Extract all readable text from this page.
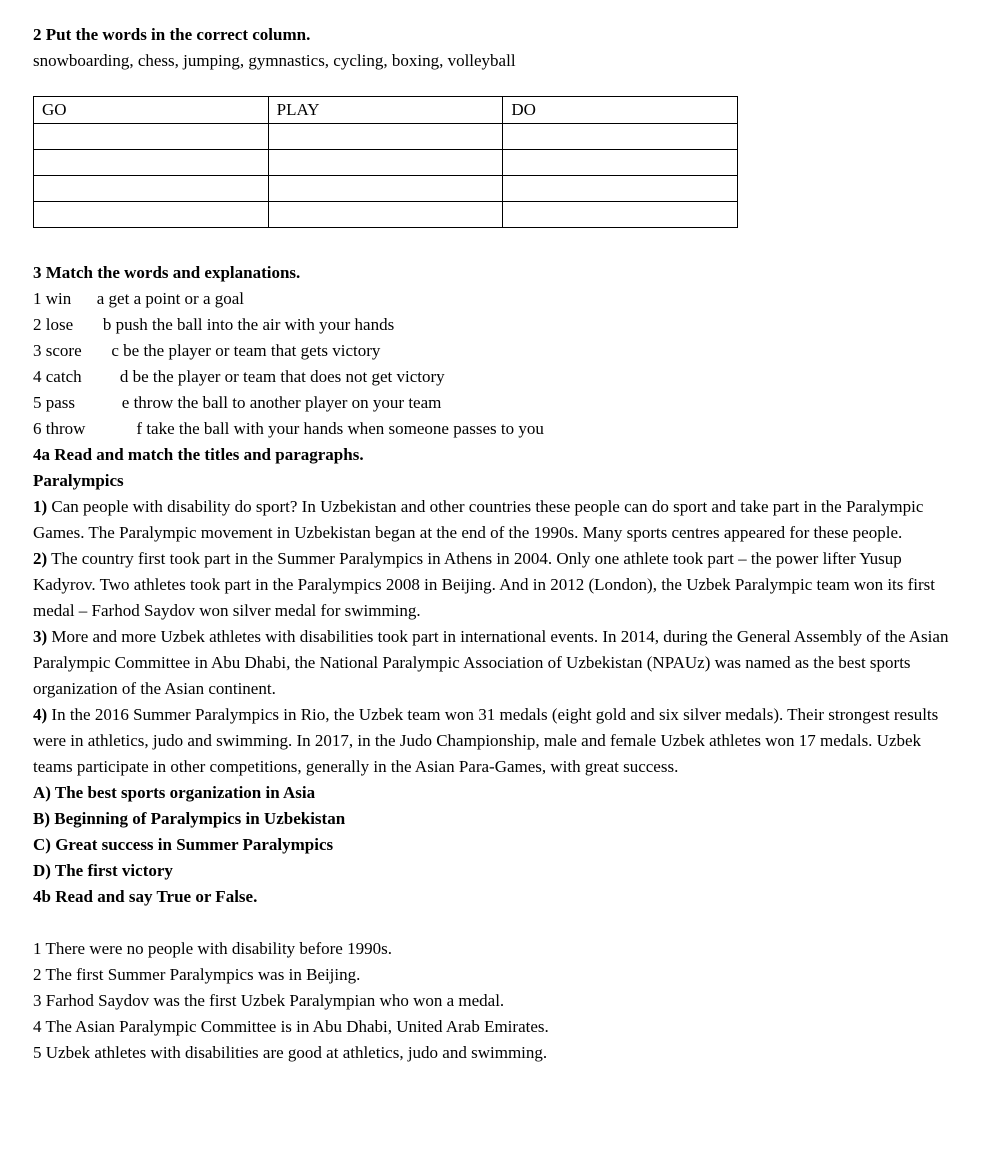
2 Put the words in the correct column.
snowboarding, chess, jumping, gymnastics, cycling, boxing, volleyball
GO	PLAY	DO

3 Match the words and explanations.
1 win      a get a point or a goal
2 lose       b push the ball into the air with your hands
3 score       c be the player or team that gets victory
4 catch         d be the player or team that does not get victory
5 pass           e throw the ball to another player on your team
6 throw            f take the ball with your hands when someone passes to you
4a Read and match the titles and paragraphs.
Paralympics

1) Can people with disability do sport? In Uzbekistan and other countries these people can do sport and take part in the Paralympic Games. The Paralympic movement in Uzbekistan began at the end of the 1990s. Many sports centres appeared for these people.

2) The country first took part in the Summer Paralympics in Athens in 2004. Only one athlete took part – the power lifter Yusup Kadyrov. Two athletes took part in the Paralympics 2008 in Beijing. And in 2012 (London), the Uzbek Paralympic team won its first medal – Farhod Saydov won silver medal for swimming.

3) More and more Uzbek athletes with disabilities took part in international events. In 2014, during the General Assembly of the Asian Paralympic Committee in Abu Dhabi, the National Paralympic Association of Uzbekistan (NPAUz) was named as the best sports organization of the Asian continent.

4) In the 2016 Summer Paralympics in Rio, the Uzbek team won 31 medals (eight gold and six silver medals). Their strongest results were in athletics, judo and swimming. In 2017, in the Judo Championship, male and female Uzbek athletes won 17 medals. Uzbek teams participate in other competitions, generally in the Asian Para-Games, with great success.

A) The best sports organization in Asia
B) Beginning of Paralympics in Uzbekistan
C) Great success in Summer Paralympics
D) The first victory
4b Read and say True or False.
1 There were no people with disability before 1990s.
2 The first Summer Paralympics was in Beijing.
3 Farhod Saydov was the first Uzbek Paralympian who won a medal.
4 The Asian Paralympic Committee is in Abu Dhabi, United Arab Emirates.
5 Uzbek athletes with disabilities are good at athletics, judo and swimming.
